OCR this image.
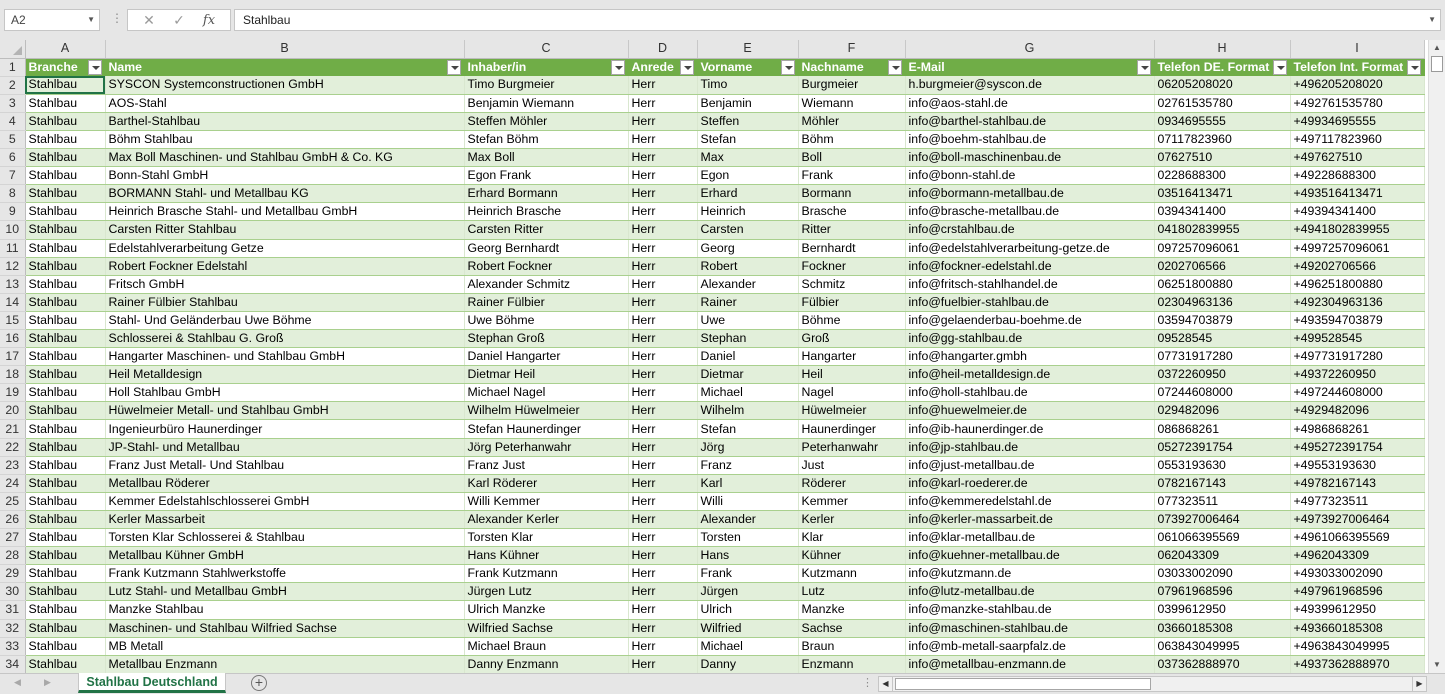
A2	▼ ⋮	✕	✓	fx	Stahlbau	▼
	A	B	C	D	E	F	G	H	I
1	Branche	Name	Inhaber/in	Anrede	Vorname	Nachname	E-Mail	Telefon DE. Format	Telefon Int. Format

2	Stahlbau	SYSCON Systemconstructionen GmbH	Timo Burgmeier	Herr	Timo	Burgmeier	h.burgmeier@syscon.de	06205208020	+496205208020
3	Stahlbau	AOS-Stahl	Benjamin Wiemann	Herr	Benjamin	Wiemann	info@aos-stahl.de	02761535780	+492761535780
4	Stahlbau	Barthel-Stahlbau	Steffen Möhler	Herr	Steffen	Möhler	info@barthel-stahlbau.de	0934695555	+49934695555
5	Stahlbau	Böhm Stahlbau	Stefan Böhm	Herr	Stefan	Böhm	info@boehm-stahlbau.de	07117823960	+497117823960
6	Stahlbau	Max Boll Maschinen- und Stahlbau GmbH & Co. KG	Max Boll	Herr	Max	Boll	info@boll-maschinenbau.de	07627510	+497627510
7	Stahlbau	Bonn-Stahl GmbH	Egon Frank	Herr	Egon	Frank	info@bonn-stahl.de	0228688300	+49228688300
8	Stahlbau	BORMANN Stahl- und Metallbau KG	Erhard Bormann	Herr	Erhard	Bormann	info@bormann-metallbau.de	03516413471	+493516413471
9	Stahlbau	Heinrich Brasche Stahl- und Metallbau GmbH	Heinrich Brasche	Herr	Heinrich	Brasche	info@brasche-metallbau.de	0394341400	+49394341400
10	Stahlbau	Carsten Ritter Stahlbau	Carsten Ritter	Herr	Carsten	Ritter	info@crstahlbau.de	041802839955	+4941802839955
11	Stahlbau	Edelstahlverarbeitung Getze	Georg Bernhardt	Herr	Georg	Bernhardt	info@edelstahlverarbeitung-getze.de	097257096061	+4997257096061
12	Stahlbau	Robert Fockner Edelstahl	Robert Fockner	Herr	Robert	Fockner	info@fockner-edelstahl.de	0202706566	+49202706566
13	Stahlbau	Fritsch GmbH	Alexander Schmitz	Herr	Alexander	Schmitz	info@fritsch-stahlhandel.de	06251800880	+496251800880
14	Stahlbau	Rainer Fülbier Stahlbau	Rainer Fülbier	Herr	Rainer	Fülbier	info@fuelbier-stahlbau.de	02304963136	+492304963136
15	Stahlbau	Stahl- Und Geländerbau Uwe Böhme	Uwe Böhme	Herr	Uwe	Böhme	info@gelaenderbau-boehme.de	03594703879	+493594703879
16	Stahlbau	Schlosserei & Stahlbau G. Groß	Stephan Groß	Herr	Stephan	Groß	info@gg-stahlbau.de	09528545	+499528545
17	Stahlbau	Hangarter Maschinen- und Stahlbau GmbH	Daniel Hangarter	Herr	Daniel	Hangarter	info@hangarter.gmbh	07731917280	+497731917280
18	Stahlbau	Heil Metalldesign	Dietmar Heil	Herr	Dietmar	Heil	info@heil-metalldesign.de	0372260950	+49372260950
19	Stahlbau	Holl Stahlbau GmbH	Michael Nagel	Herr	Michael	Nagel	info@holl-stahlbau.de	07244608000	+497244608000
20	Stahlbau	Hüwelmeier Metall- und Stahlbau GmbH	Wilhelm Hüwelmeier	Herr	Wilhelm	Hüwelmeier	info@huewelmeier.de	029482096	+4929482096
21	Stahlbau	Ingenieurbüro Haunerdinger	Stefan Haunerdinger	Herr	Stefan	Haunerdinger	info@ib-haunerdinger.de	086868261	+4986868261
22	Stahlbau	JP-Stahl- und Metallbau	Jörg Peterhanwahr	Herr	Jörg	Peterhanwahr	info@jp-stahlbau.de	05272391754	+495272391754
23	Stahlbau	Franz Just Metall- Und Stahlbau	Franz Just	Herr	Franz	Just	info@just-metallbau.de	0553193630	+49553193630
24	Stahlbau	Metallbau Röderer	Karl Röderer	Herr	Karl	Röderer	info@karl-roederer.de	0782167143	+49782167143
25	Stahlbau	Kemmer Edelstahlschlosserei GmbH	Willi Kemmer	Herr	Willi	Kemmer	info@kemmeredelstahl.de	077323511	+4977323511
26	Stahlbau	Kerler Massarbeit	Alexander Kerler	Herr	Alexander	Kerler	info@kerler-massarbeit.de	073927006464	+4973927006464
27	Stahlbau	Torsten Klar Schlosserei & Stahlbau	Torsten Klar	Herr	Torsten	Klar	info@klar-metallbau.de	061066395569	+4961066395569
28	Stahlbau	Metallbau Kühner GmbH	Hans Kühner	Herr	Hans	Kühner	info@kuehner-metallbau.de	062043309	+4962043309
29	Stahlbau	Frank Kutzmann Stahlwerkstoffe	Frank Kutzmann	Herr	Frank	Kutzmann	info@kutzmann.de	03033002090	+493033002090
30	Stahlbau	Lutz Stahl- und Metallbau GmbH	Jürgen Lutz	Herr	Jürgen	Lutz	info@lutz-metallbau.de	07961968596	+497961968596
31	Stahlbau	Manzke Stahlbau	Ulrich Manzke	Herr	Ulrich	Manzke	info@manzke-stahlbau.de	0399612950	+49399612950
32	Stahlbau	Maschinen- und Stahlbau Wilfried Sachse	Wilfried Sachse	Herr	Wilfried	Sachse	info@maschinen-stahlbau.de	03660185308	+493660185308
33	Stahlbau	MB Metall	Michael Braun	Herr	Michael	Braun	info@mb-metall-saarpfalz.de	063843049995	+4963843049995
34	Stahlbau	Metallbau Enzmann	Danny Enzmann	Herr	Danny	Enzmann	info@metallbau-enzmann.de	037362888970	+4937362888970
▲
▼
◀	▶	Stahlbau Deutschland	+	⋮	◀	▶
